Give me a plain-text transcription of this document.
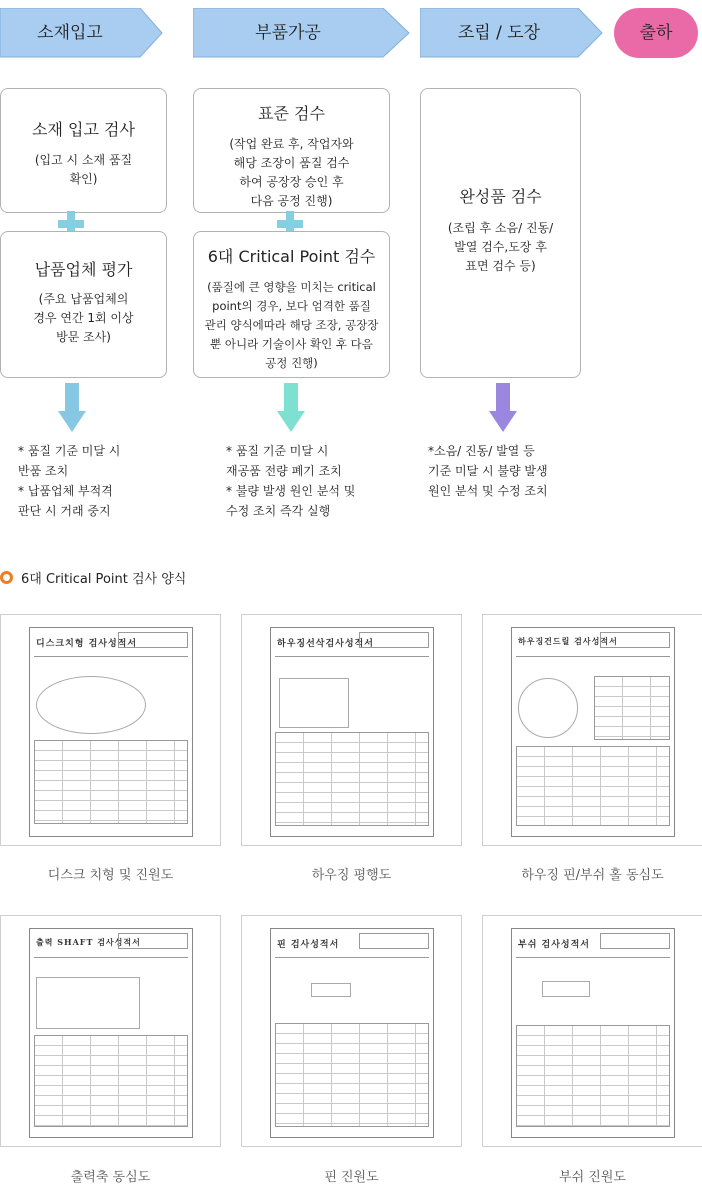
소재입고	부품가공	조립 / 도장	출하
소재 입고 검사
(입고 시 소재 품질
확인)
납품업체 평가
(주요 납품업체의
경우 연간 1회 이상
방문 조사)
* 품질 기준 미달 시
반품 조치
* 납품업체 부적격
판단 시 거래 중지
표준 검수
(작업 완료 후, 작업자와
해당 조장이 품질 검수
하여 공장장 승인 후
다음 공정 진행)
6대 Critical Point 검수
(품질에 큰 영향을 미치는 critical
point의 경우, 보다 엄격한 품질
관리 양식에따라 해당 조장, 공장장
뿐 아니라 기술이사 확인 후 다음
공정 진행)
* 품질 기준 미달 시
재공품 전량 폐기 조치
* 불량 발생 원인 분석 및
수정 조치 즉각 실행
완성품 검수
(조립 후 소음/ 진동/
발열 검수,도장 후
표면 검수 등)
*소음/ 진동/ 발열 등
기준 미달 시 불량 발생
원인 분석 및 수정 조치
6대 Critical Point 검사 양식
디스크치형 검사성적서
디스크 치형 및 진원도
하우징선삭검사성적서
하우징 평행도
하우징건드릴 검사성적서
하우징 핀/부쉬 홀 동심도
출력 SHAFT 검사성적서
출력축 동심도
핀 검사성적서
핀 진원도
부쉬 검사성적서
부쉬 진원도
